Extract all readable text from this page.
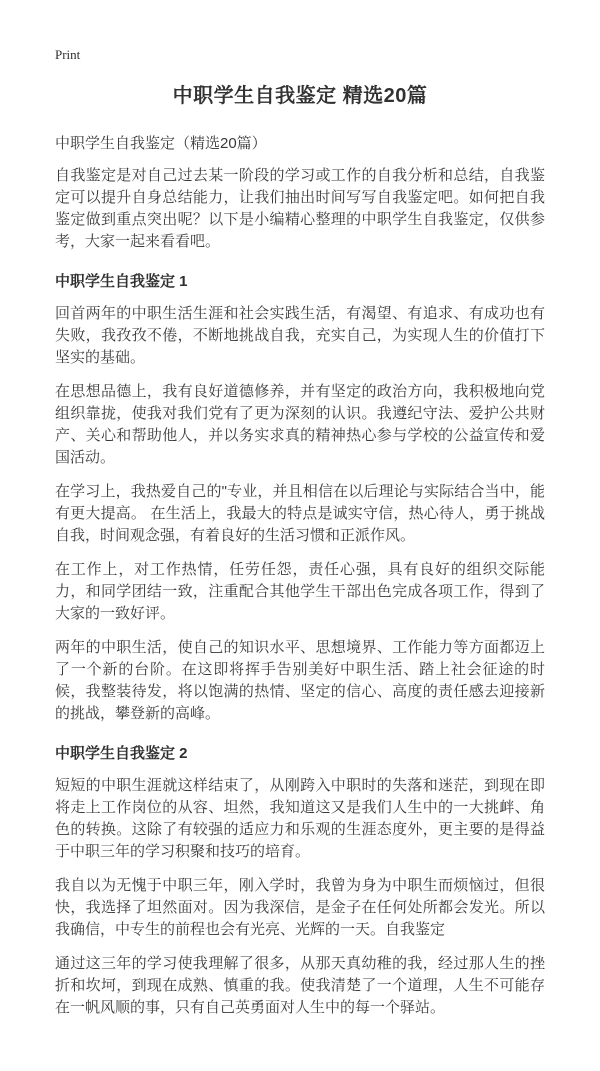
Print
中职学生自我鉴定 精选20篇
中职学生自我鉴定（精选20篇）

自我鉴定是对自己过去某一阶段的学习或工作的自我分析和总结，自我鉴定可以提升自身总结能力，让我们抽出时间写写自我鉴定吧。如何把自我鉴定做到重点突出呢？以下是小编精心整理的中职学生自我鉴定，仅供参考，大家一起来看看吧。

中职学生自我鉴定 1

回首两年的中职生活生涯和社会实践生活，有渴望、有追求、有成功也有失败，我孜孜不倦，不断地挑战自我，充实自己，为实现人生的价值打下坚实的基础。

在思想品德上，我有良好道德修养，并有坚定的政治方向，我积极地向党组织靠拢，使我对我们党有了更为深刻的认识。我遵纪守法、爱护公共财产、关心和帮助他人，并以务实求真的精神热心参与学校的公益宣传和爱国活动。

在学习上，我热爱自己的"专业，并且相信在以后理论与实际结合当中，能有更大提高。 在生活上，我最大的特点是诚实守信，热心待人，勇于挑战自我，时间观念强，有着良好的生活习惯和正派作风。

在工作上，对工作热情，任劳任怨，责任心强，具有良好的组织交际能力，和同学团结一致，注重配合其他学生干部出色完成各项工作，得到了大家的一致好评。

两年的中职生活，使自己的知识水平、思想境界、工作能力等方面都迈上了一个新的台阶。在这即将挥手告别美好中职生活、踏上社会征途的时候，我整装待发，将以饱满的热情、坚定的信心、高度的责任感去迎接新的挑战，攀登新的高峰。

中职学生自我鉴定 2

短短的中职生涯就这样结束了，从刚跨入中职时的失落和迷茫，到现在即将走上工作岗位的从容、坦然，我知道这又是我们人生中的一大挑衅、角色的转换。这除了有较强的适应力和乐观的生涯态度外，更主要的是得益于中职三年的学习积聚和技巧的培育。

我自以为无愧于中职三年，刚入学时，我曾为身为中职生而烦恼过，但很快，我选择了坦然面对。因为我深信，是金子在任何处所都会发光。所以我确信，中专生的前程也会有光亮、光辉的一天。自我鉴定

通过这三年的学习使我理解了很多，从那天真幼稚的我，经过那人生的挫折和坎坷，到现在成熟、慎重的我。使我清楚了一个道理，人生不可能存在一帆风顺的事，只有自己英勇面对人生中的每一个驿站。
